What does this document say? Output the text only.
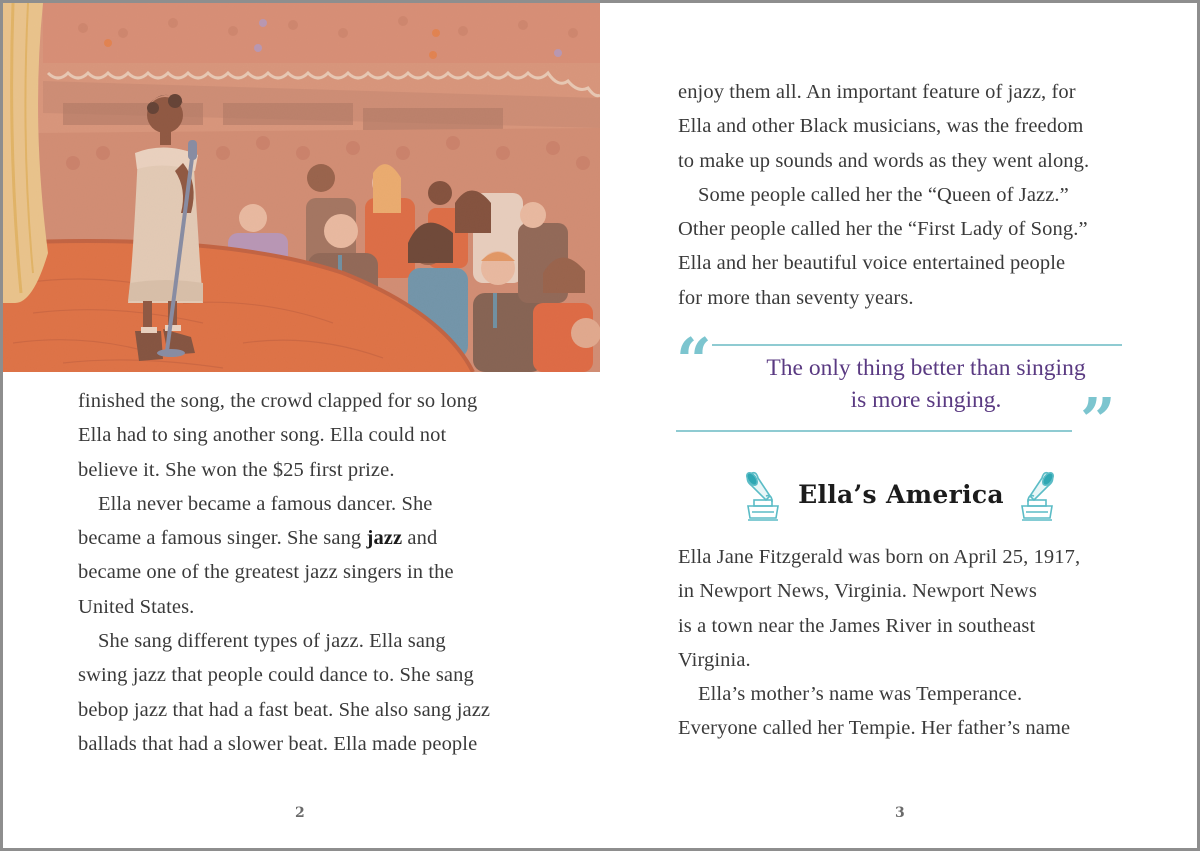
finished the song, the crowd clapped for so long
Ella had to sing another song. Ella could not
believe it. She won the $25 first prize.
Ella never became a famous dancer. She
became a famous singer. She sang jazz and
became one of the greatest jazz singers in the
United States.
She sang different types of jazz. Ella sang
swing jazz that people could dance to. She sang
bebop jazz that had a fast beat. She also sang jazz
ballads that had a slower beat. Ella made people
2
enjoy them all. An important feature of jazz, for
Ella and other Black musicians, was the freedom
to make up sounds and words as they went along.
Some people called her the “Queen of Jazz.”
Other people called her the “First Lady of Song.”
Ella and her beautiful voice entertained people
for more than seventy years.
“	The only thing better than singing
is more singing.	”
Ella’s America
Ella Jane Fitzgerald was born on April 25, 1917,
in Newport News, Virginia. Newport News
is a town near the James River in southeast
Virginia.
Ella’s mother’s name was Temperance.
Everyone called her Tempie. Her father’s name
3
